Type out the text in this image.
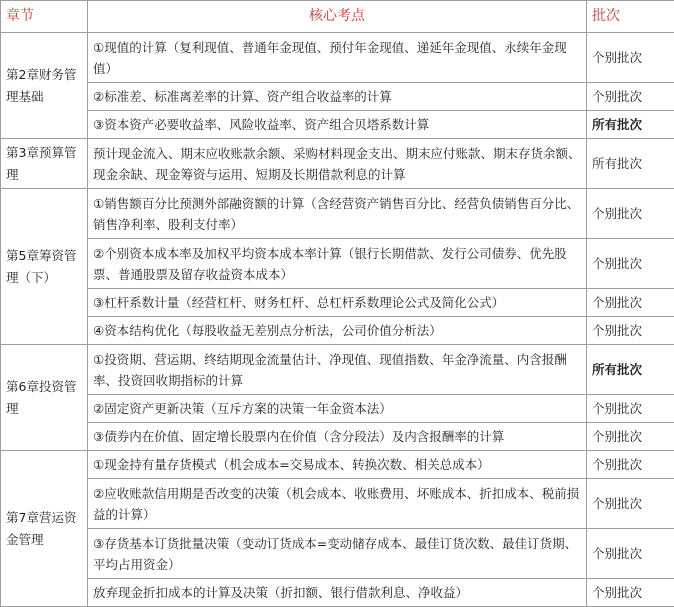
章节	核心考点	批次
第2章财务管理基础	①现值的计算（复利现值、普通年金现值、预付年金现值、递延年金现值、永续年金现值）	个别批次
	②标准差、标准离差率的计算、资产组合收益率的计算	个别批次
	③资本资产必要收益率、风险收益率、资产组合贝塔系数计算	所有批次
第3章预算管理	预计现金流入、期末应收账款余额、采购材料现金支出、期末应付账款、期末存货余额、现金余缺、现金筹资与运用、短期及长期借款利息的计算	所有批次
第5章筹资管理（下）	①销售额百分比预测外部融资额的计算（含经营资产销售百分比、经营负债销售百分比、销售净利率、股利支付率）	个别批次
	②个别资本成本率及加权平均资本成本率计算（银行长期借款、发行公司债券、优先股票、普通股票及留存收益资本成本）	个别批次
	③杠杆系数计量（经营杠杆、财务杠杆、总杠杆系数理论公式及简化公式）	个别批次
	④资本结构优化（每股收益无差别点分析法，公司价值分析法）	个别批次
第6章投资管理	①投资期、营运期、终结期现金流量估计、净现值、现值指数、年金净流量、内含报酬率、投资回收期指标的计算	所有批次
	②固定资产更新决策（互斥方案的决策一年金资本法）	个别批次
	③债券内在价值、固定增长股票内在价值（含分段法）及内含报酬率的计算	个别批次
第7章营运资金管理	①现金持有量存货模式（机会成本=交易成本、转换次数、相关总成本）	个别批次
	②应收账款信用期是否改变的决策（机会成本、收账费用、坏账成本、折扣成本、税前损益的计算）	个别批次
	③存货基本订货批量决策（变动订货成本=变动储存成本、最佳订货次数、最佳订货期、平均占用资金）	个别批次
	放弃现金折扣成本的计算及决策（折扣额、银行借款利息、净收益）	个别批次
